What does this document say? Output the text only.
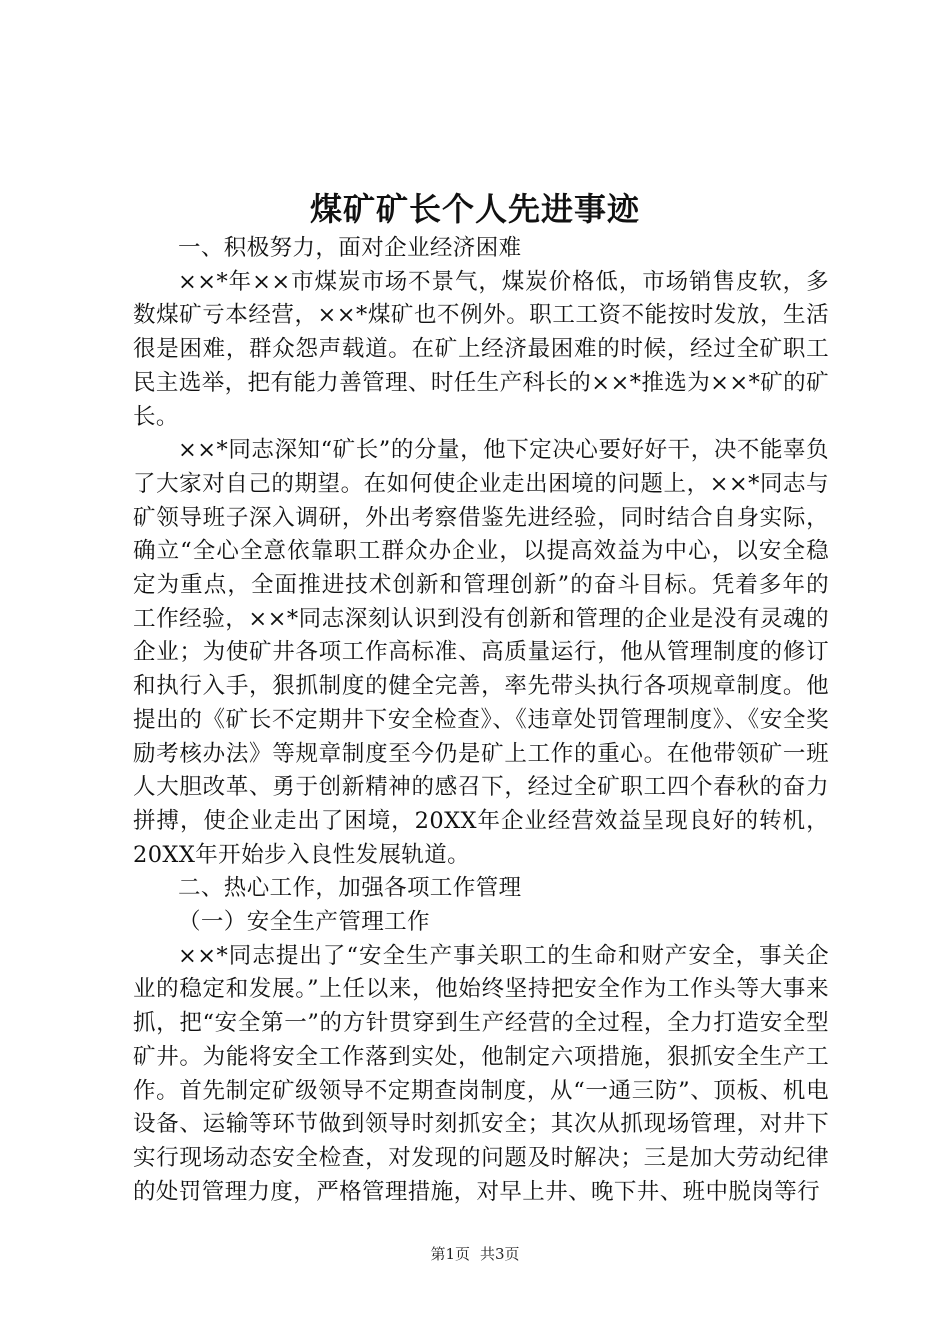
煤矿矿长个人先进事迹

一、积极努力，面对企业经济困难

××*年××市煤炭市场不景气，煤炭价格低，市场销售皮软，多数煤矿亏本经营，××*煤矿也不例外。职工工资不能按时发放，生活很是困难，群众怨声载道。在矿上经济最困难的时候，经过全矿职工民主选举，把有能力善管理、时任生产科长的××*推选为××*矿的矿长。

××*同志深知“矿长”的分量，他下定决心要好好干，决不能辜负了大家对自己的期望。在如何使企业走出困境的问题上，××*同志与矿领导班子深入调研，外出考察借鉴先进经验，同时结合自身实际，确立“全心全意依靠职工群众办企业，以提高效益为中心，以安全稳定为重点，全面推进技术创新和管理创新”的奋斗目标。凭着多年的工作经验，××*同志深刻认识到没有创新和管理的企业是没有灵魂的企业；为使矿井各项工作高标准、高质量运行，他从管理制度的修订和执行入手，狠抓制度的健全完善，率先带头执行各项规章制度。他提出的《矿长不定期井下安全检查》、《违章处罚管理制度》、《安全奖励考核办法》等规章制度至今仍是矿上工作的重心。在他带领矿一班人大胆改革、勇于创新精神的感召下，经过全矿职工四个春秋的奋力拼搏，使企业走出了困境，20XX年企业经营效益呈现良好的转机，20XX年开始步入良性发展轨道。

二、热心工作，加强各项工作管理

（一）安全生产管理工作

××*同志提出了“安全生产事关职工的生命和财产安全，事关企业的稳定和发展。”上任以来，他始终坚持把安全作为工作头等大事来抓，把“安全第一”的方针贯穿到生产经营的全过程，全力打造安全型矿井。为能将安全工作落到实处，他制定六项措施，狠抓安全生产工作。首先制定矿级领导不定期查岗制度，从“一通三防”、顶板、机电设备、运输等环节做到领导时刻抓安全；其次从抓现场管理，对井下实行现场动态安全检查，对发现的问题及时解决；三是加大劳动纪律的处罚管理力度，严格管理措施，对早上井、晚下井、班中脱岗等行

第1页 共3页
